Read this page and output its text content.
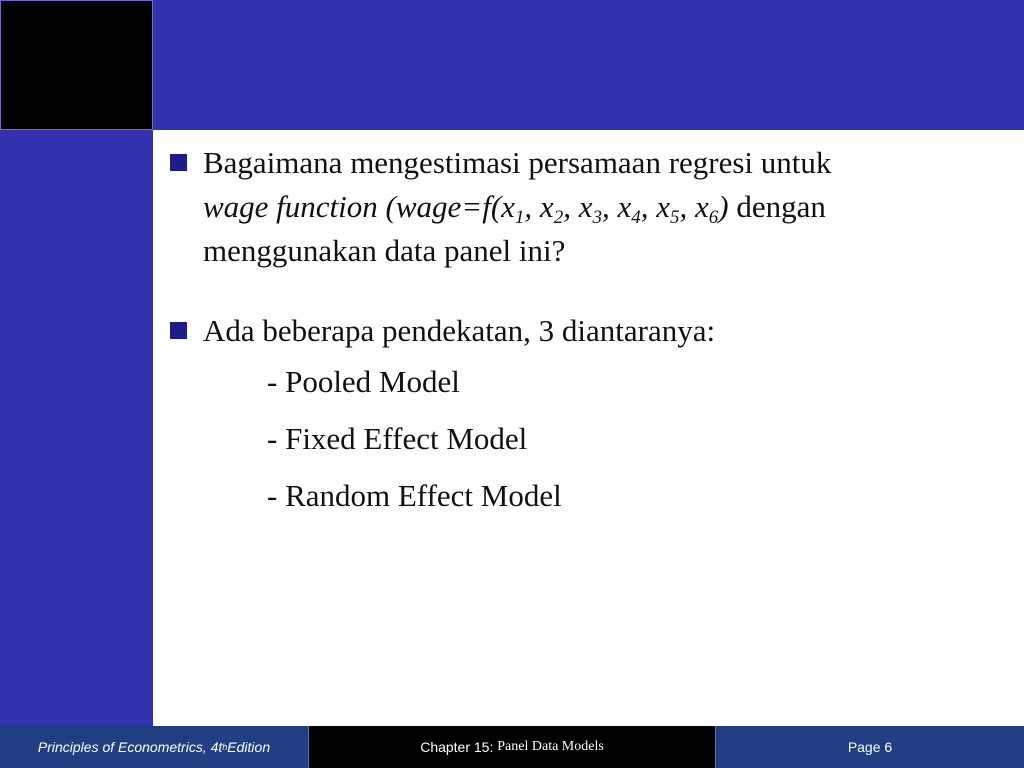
Bagaimana mengestimasi persamaan regresi untuk
wage function ($wage=f(x_1$, $x_2$, $x_3$, $x_4$, $x_5$, $x_6$) dengan
menggunakan data panel ini?
Ada beberapa pendekatan, 3 diantaranya:
- Pooled Model
- Fixed Effect Model
- Random Effect Model
Principles of Econometrics, 4t h Edition	Chapter 15:
Panel Data Models	Page 6
